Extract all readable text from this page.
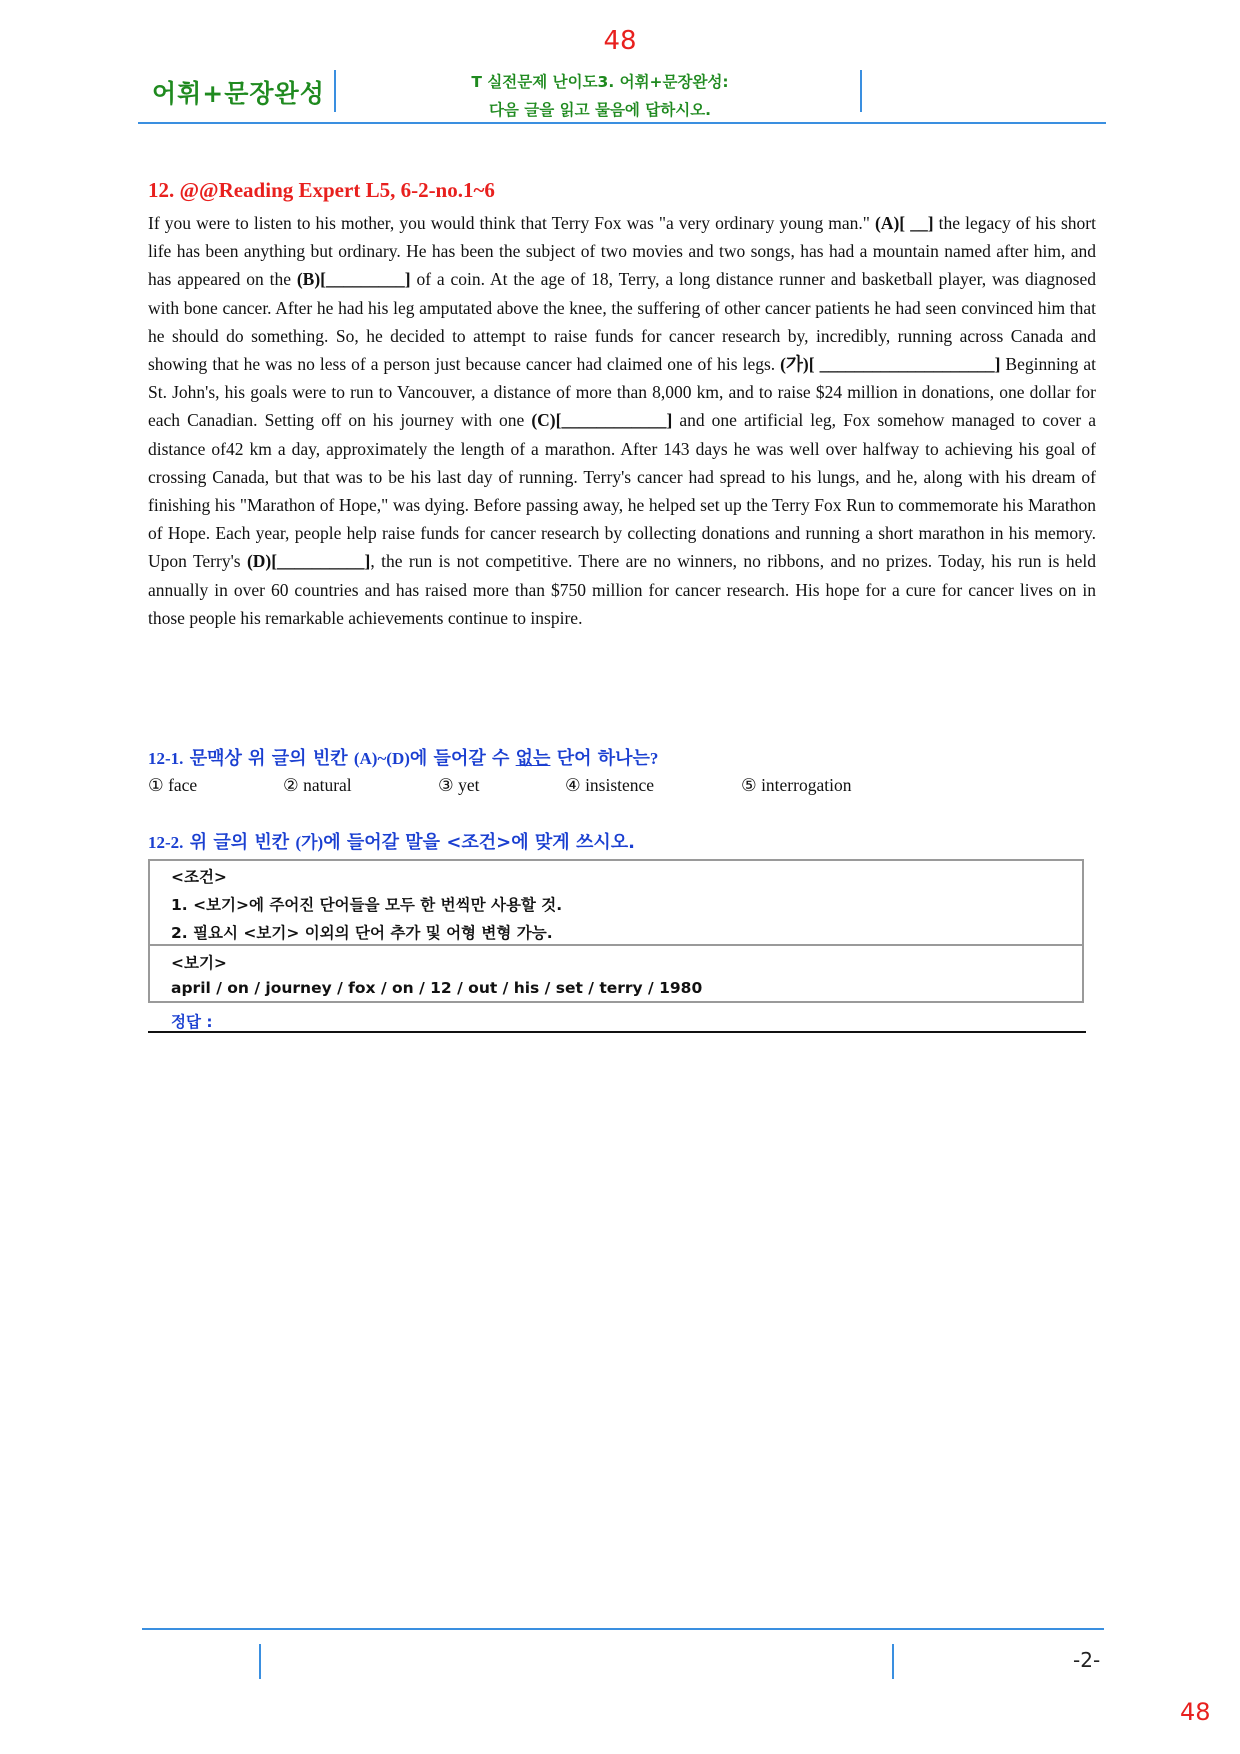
48
어휘+문장완성	T 실전문제 난이도3. 어휘+문장완성:
다음 글을 읽고 물음에 답하시오.
12. @@Reading Expert L5, 6-2-no.1~6

If you were to listen to his mother, you would think that Terry Fox was "a very ordinary young man." (A)[ __] the legacy of his short life has been anything but ordinary. He has been the subject of two movies and two songs, has had a mountain named after him, and has appeared on the (B)[_________] of a coin. At the age of 18, Terry, a long distance runner and basketball player, was diagnosed with bone cancer. After he had his leg amputated above the knee, the suffering of other cancer patients he had seen convinced him that he should do something. So, he decided to attempt to raise funds for cancer research by, incredibly, running across Canada and showing that he was no less of a person just because cancer had claimed one of his legs. (가)[ ____________________] Beginning at St. John's, his goals were to run to Vancouver, a distance of more than 8,000 km, and to raise $24 million in donations, one dollar for each Canadian. Setting off on his journey with one (C)[____________] and one artificial leg, Fox somehow managed to cover a distance of42 km a day, approximately the length of a marathon. After 143 days he was well over halfway to achieving his goal of crossing Canada, but that was to be his last day of running. Terry's cancer had spread to his lungs, and he, along with his dream of finishing his "Marathon of Hope," was dying. Before passing away, he helped set up the Terry Fox Run to commemorate his Marathon of Hope. Each year, people help raise funds for cancer research by collecting donations and running a short marathon in his memory. Upon Terry's (D)[__________], the run is not competitive. There are no winners, no ribbons, and no prizes. Today, his run is held annually in over 60 countries and has raised more than $750 million for cancer research. His hope for a cure for cancer lives on in those people his remarkable achievements continue to inspire.

12-1. 문맥상 위 글의 빈칸 (A)~(D)에 들어갈 수 없는 단어 하나는?
① face	② natural	③ yet	④ insistence	⑤ interrogation
12-2. 위 글의 빈칸 (가)에 들어갈 말을 <조건>에 맞게 쓰시오.
<조건>
1. <보기>에 주어진 단어들을 모두 한 번씩만 사용할 것.
2. 필요시 <보기> 이외의 단어 추가 및 어형 변형 가능.
<보기>
april / on / journey / fox / on / 12 / out / his / set / terry / 1980
정답 :
-2-
48
